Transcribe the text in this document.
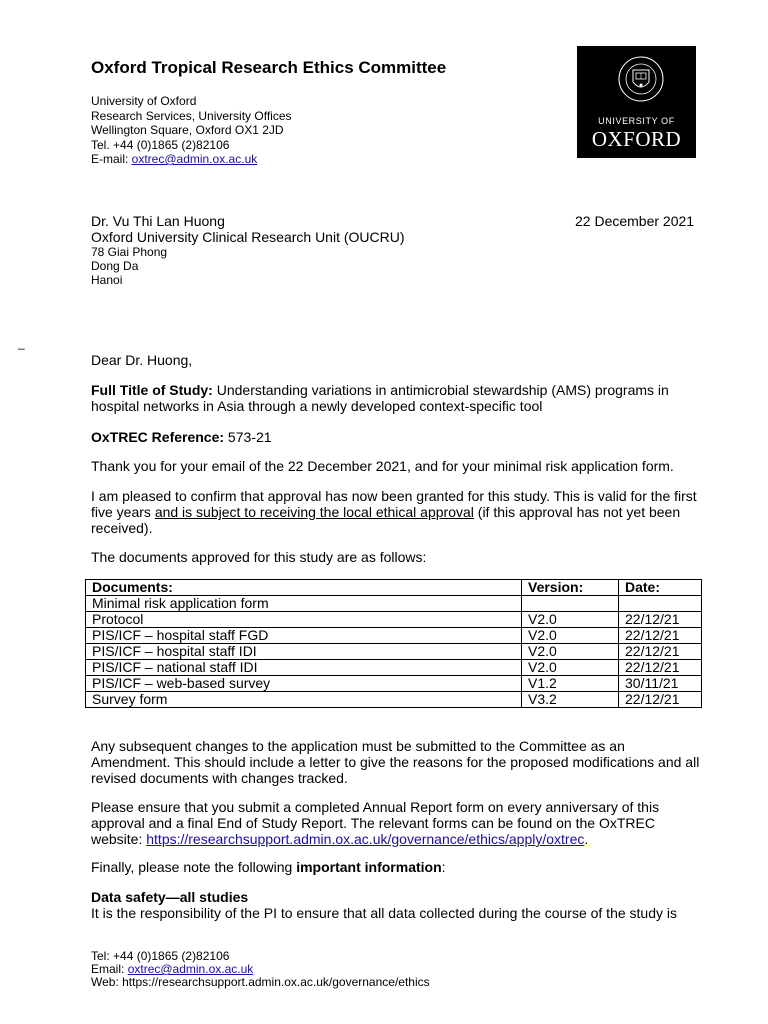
Oxford Tropical Research Ethics Committee
University of Oxford
Research Services, University Offices
Wellington Square, Oxford OX1 2JD
Tel. +44 (0)1865 (2)82106
E-mail: oxtrec@admin.ox.ac.uk
UNIVERSITY OF
OXFORD
Dr. Vu Thi Lan Huong
Oxford University Clinical Research Unit (OUCRU)
78 Giai Phong
Dong Da
Hanoi
22 December 2021
_
Dear Dr. Huong,
Full Title of Study: Understanding variations in antimicrobial stewardship (AMS) programs in hospital networks in Asia through a newly developed context-specific tool
OxTREC Reference: 573-21
Thank you for your email of the 22 December 2021, and for your minimal risk application form.
I am pleased to confirm that approval has now been granted for this study. This is valid for the first five years and is subject to receiving the local ethical approval (if this approval has not yet been received).
The documents approved for this study are as follows:
Documents:	Version:	Date:
Minimal risk application form		
Protocol	V2.0	22/12/21
PIS/ICF – hospital staff FGD	V2.0	22/12/21
PIS/ICF – hospital staff IDI	V2.0	22/12/21
PIS/ICF – national staff IDI	V2.0	22/12/21
PIS/ICF – web-based survey	V1.2	30/11/21
Survey form	V3.2	22/12/21
Any subsequent changes to the application must be submitted to the Committee as an Amendment. This should include a letter to give the reasons for the proposed modifications and all revised documents with changes tracked.
Please ensure that you submit a completed Annual Report form on every anniversary of this approval and a final End of Study Report. The relevant forms can be found on the OxTREC website: https://researchsupport.admin.ox.ac.uk/governance/ethics/apply/oxtrec.
Finally, please note the following important information:
Data safety—all studies
It is the responsibility of the PI to ensure that all data collected during the course of the study is
Tel: +44 (0)1865 (2)82106
Email: oxtrec@admin.ox.ac.uk
Web: https://researchsupport.admin.ox.ac.uk/governance/ethics
